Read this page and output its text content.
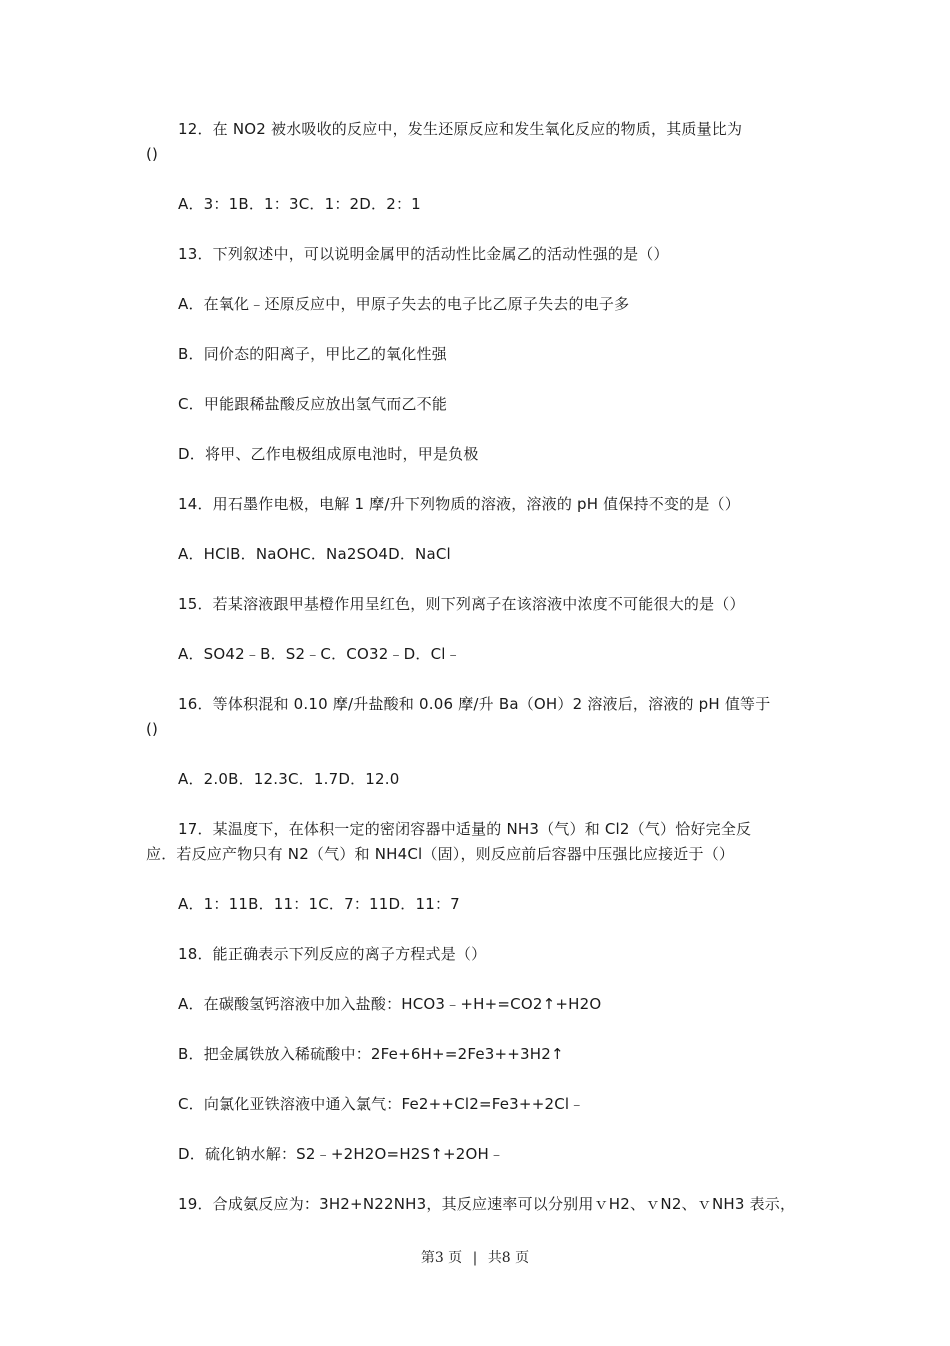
12．在 NO2 被水吸收的反应中，发生还原反应和发生氧化反应的物质，其质量比为
()
A．3：1B．1：3C．1：2D．2：1
13．下列叙述中，可以说明金属甲的活动性比金属乙的活动性强的是（）
A．在氧化﹣还原反应中，甲原子失去的电子比乙原子失去的电子多
B．同价态的阳离子，甲比乙的氧化性强
C．甲能跟稀盐酸反应放出氢气而乙不能
D．将甲、乙作电极组成原电池时，甲是负极
14．用石墨作电极，电解 1 摩/升下列物质的溶液，溶液的 pH 值保持不变的是（）
A．HClB．NaOHC．Na2SO4D．NaCl
15．若某溶液跟甲基橙作用呈红色，则下列离子在该溶液中浓度不可能很大的是（）
A．SO42﹣B．S2﹣C．CO32﹣D．Cl﹣
16．等体积混和 0.10 摩/升盐酸和 0.06 摩/升 Ba（OH）2 溶液后，溶液的 pH 值等于
()
A．2.0B．12.3C．1.7D．12.0
17．某温度下，在体积一定的密闭容器中适量的 NH3（气）和 Cl2（气）恰好完全反
应．若反应产物只有 N2（气）和 NH4Cl（固），则反应前后容器中压强比应接近于（）
A．1：11B．11：1C．7：11D．11：7
18．能正确表示下列反应的离子方程式是（）
A．在碳酸氢钙溶液中加入盐酸：HCO3﹣+H+=CO2↑+H2O
B．把金属铁放入稀硫酸中：2Fe+6H+=2Fe3++3H2↑
C．向氯化亚铁溶液中通入氯气：Fe2++Cl2=Fe3++2Cl﹣
D．硫化钠水解：S2﹣+2H2O=H2S↑+2OH﹣
19．合成氨反应为：3H2+N22NH3，其反应速率可以分别用ｖH2、ｖN2、ｖNH3 表示，
第3 页 | 共8 页
